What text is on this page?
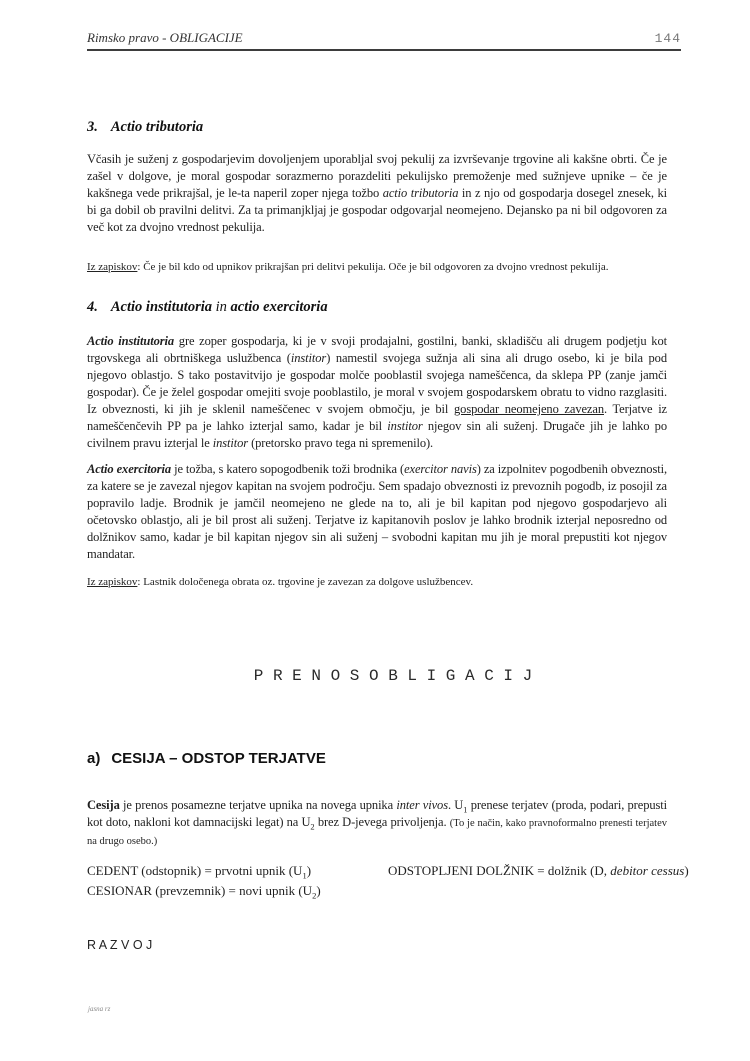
Rimsko pravo - OBLIGACIJE	144
3. Actio tributoria

Včasih je suženj z gospodarjevim dovoljenjem uporabljal svoj pekulij za izvrševanje trgovine ali kakšne obrti. Če je zašel v dolgove, je moral gospodar sorazmerno porazdeliti pekulijsko premoženje med sužnjeve upnike – če je kakšnega vede prikrajšal, je le-ta naperil zoper njega tožbo actio tributoria in z njo od gospodarja dosegel znesek, ki bi ga dobil ob pravilni delitvi. Za ta primanjkljaj je gospodar odgovarjal neomejeno. Dejansko pa ni bil odgovoren za več kot za dvojno vrednost pekulija.

Iz zapiskov: Če je bil kdo od upnikov prikrajšan pri delitvi pekulija. Oče je bil odgovoren za dvojno vrednost pekulija.

4. Actio institutoria in actio exercitoria

Actio institutoria gre zoper gospodarja, ki je v svoji prodajalni, gostilni, banki, skladišču ali drugem podjetju kot trgovskega ali obrtniškega uslužbenca (institor) namestil svojega sužnja ali sina ali drugo osebo, ki je bila pod njegovo oblastjo. S tako postavitvijo je gospodar molče pooblastil svojega nameščenca, da sklepa PP (zanje jamči gospodar). Če je želel gospodar omejiti svoje pooblastilo, je moral v svojem gospodarskem obratu to vidno razglasiti. Iz obveznosti, ki jih je sklenil nameščenec v svojem območju, je bil gospodar neomejeno zavezan. Terjatve iz nameščenčevih PP pa je lahko izterjal samo, kadar je bil institor njegov sin ali suženj. Drugače jih je lahko po civilnem pravu izterjal le institor (pretorsko pravo tega ni spremenilo).

Actio exercitoria je tožba, s katero sopogodbenik toži brodnika (exercitor navis) za izpolnitev pogodbenih obveznosti, za katere se je zavezal njegov kapitan na svojem področju. Sem spadajo obveznosti iz prevoznih pogodb, iz posojil za popravilo ladje. Brodnik je jamčil neomejeno ne glede na to, ali je bil kapitan pod njegovo gospodarjevo ali očetovsko oblastjo, ali je bil prost ali suženj. Terjatve iz kapitanovih poslov je lahko brodnik izterjal neposredno od dolžnikov samo, kadar je bil kapitan njegov sin ali suženj – svobodni kapitan mu jih je moral prepustiti kot njegov mandatar.

Iz zapiskov: Lastnik določenega obrata oz. trgovine je zavezan za dolgove uslužbencev.

P R E N O S O B L I G A C I J
a) CESIJA – ODSTOP TERJATVE

Cesija je prenos posamezne terjatve upnika na novega upnika inter vivos. $U_1$ prenese terjatev (proda, podari, prepusti kot doto, nakloni kot damnacijski legat) na $U_2$ brez D-jevega privoljenja. (To je način, kako pravnoformalno prenesti terjatev na drugo osebo.)

CEDENT (odstopnik) = prvotni upnik $(U_1)$	ODSTOPLJENI DOLŽNIK = dolžnik (D, debitor cessus)
CESIONAR (prevzemnik) = novi upnik $(U_2)$
R A Z V O J
jasna rz
